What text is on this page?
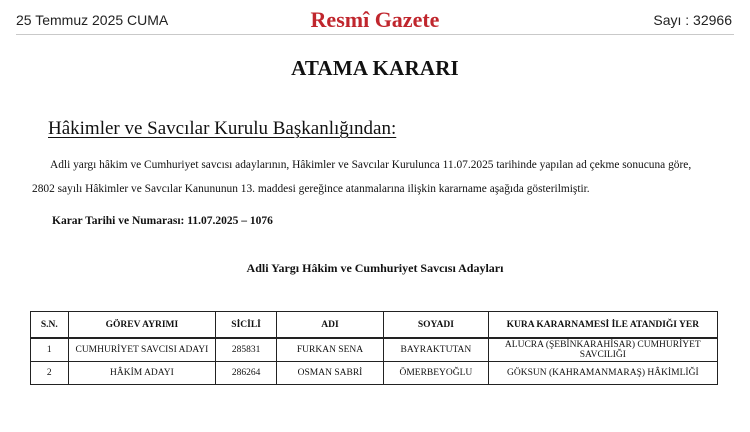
25 Temmuz 2025 CUMA	Resmî Gazete	Sayı : 32966
ATAMA KARARI
Hâkimler ve Savcılar Kurulu Başkanlığından:
Adli yargı hâkim ve Cumhuriyet savcısı adaylarının, Hâkimler ve Savcılar Kurulunca 11.07.2025 tarihinde yapılan ad çekme sonucuna göre,
2802 sayılı Hâkimler ve Savcılar Kanununun 13. maddesi gereğince atanmalarına ilişkin kararname aşağıda gösterilmiştir.
Karar Tarihi ve Numarası: 11.07.2025 – 1076
Adli Yargı Hâkim ve Cumhuriyet Savcısı Adayları
S.N.	GÖREV AYRIMI	SİCİLİ	ADI	SOYADI	KURA KARARNAMESİ İLE ATANDIĞI YER
1	CUMHURİYET SAVCISI ADAYI	285831	FURKAN SENA	BAYRAKTUTAN	ALUCRA (ŞEBİNKARAHİSAR) CUMHURİYET SAVCILIĞI
2	HÂKİM ADAYI	286264	OSMAN SABRİ	ÖMERBEYOĞLU	GÖKSUN (KAHRAMANMARAŞ) HÂKİMLİĞİ
